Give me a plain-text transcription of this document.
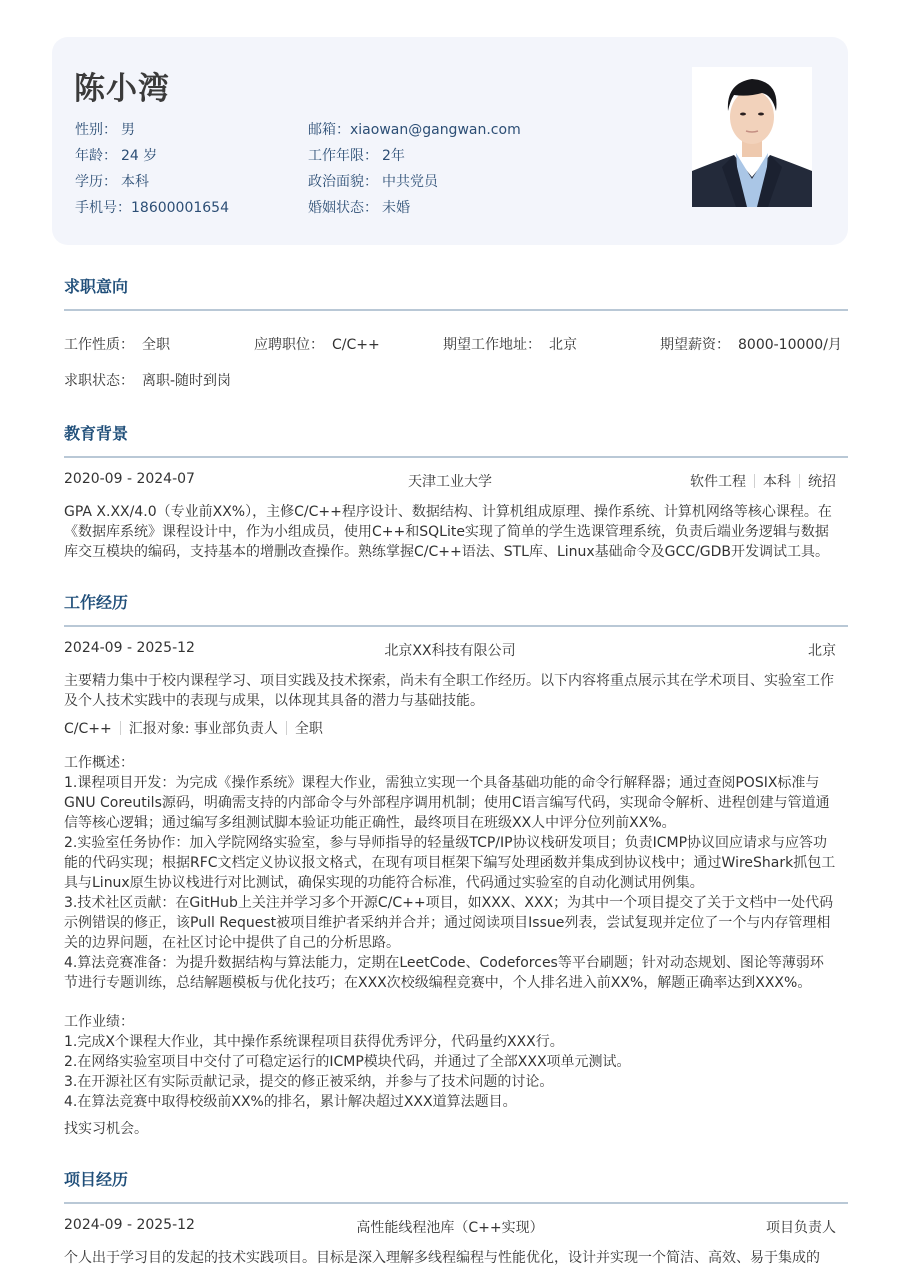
陈小湾
性别： 男
年龄： 24 岁
学历： 本科
手机号：18600001654
邮箱：xiaowan@gangwan.com
工作年限： 2年
政治面貌： 中共党员
婚姻状态： 未婚
求职意向
工作性质： 全职	应聘职位： C/C++	期望工作地址： 北京	期望薪资： 8000-10000/月
求职状态： 离职-随时到岗
教育背景
2020-09 - 2024-07	天津工业大学	软件工程 本科 统招
GPA X.XX/4.0（专业前XX%），主修C/C++程序设计、数据结构、计算机组成原理、操作系统、计算机网络等核心课程。在《数据库系统》课程设计中，作为小组成员，使用C++和SQLite实现了简单的学生选课管理系统，负责后端业务逻辑与数据库交互模块的编码，支持基本的增删改查操作。熟练掌握C/C++语法、STL库、Linux基础命令及GCC/GDB开发调试工具。
工作经历
2024-09 - 2025-12	北京XX科技有限公司	北京
主要精力集中于校内课程学习、项目实践及技术探索，尚未有全职工作经历。以下内容将重点展示其在学术项目、实验室工作及个人技术实践中的表现与成果，以体现其具备的潜力与基础技能。
C/C++ 汇报对象: 事业部负责人 全职
工作概述：
1.课程项目开发：为完成《操作系统》课程大作业，需独立实现一个具备基础功能的命令行解释器；通过查阅POSIX标准与GNU Coreutils源码，明确需支持的内部命令与外部程序调用机制；使用C语言编写代码，实现命令解析、进程创建与管道通信等核心逻辑；通过编写多组测试脚本验证功能正确性，最终项目在班级XX人中评分位列前XX%。
2.实验室任务协作：加入学院网络实验室，参与导师指导的轻量级TCP/IP协议栈研发项目；负责ICMP协议回应请求与应答功能的代码实现；根据RFC文档定义协议报文格式，在现有项目框架下编写处理函数并集成到协议栈中；通过WireShark抓包工具与Linux原生协议栈进行对比测试，确保实现的功能符合标准，代码通过实验室的自动化测试用例集。
3.技术社区贡献：在GitHub上关注并学习多个开源C/C++项目，如XXX、XXX；为其中一个项目提交了关于文档中一处代码示例错误的修正，该Pull Request被项目维护者采纳并合并；通过阅读项目Issue列表，尝试复现并定位了一个与内存管理相关的边界问题，在社区讨论中提供了自己的分析思路。
4.算法竞赛准备：为提升数据结构与算法能力，定期在LeetCode、Codeforces等平台刷题；针对动态规划、图论等薄弱环节进行专题训练，总结解题模板与优化技巧；在XXX次校级编程竞赛中，个人排名进入前XX%，解题正确率达到XXX%。
工作业绩：
1.完成X个课程大作业，其中操作系统课程项目获得优秀评分，代码量约XXX行。
2.在网络实验室项目中交付了可稳定运行的ICMP模块代码，并通过了全部XXX项单元测试。
3.在开源社区有实际贡献记录，提交的修正被采纳，并参与了技术问题的讨论。
4.在算法竞赛中取得校级前XX%的排名，累计解决超过XXX道算法题目。
找实习机会。
项目经历
2024-09 - 2025-12	高性能线程池库（C++实现）	项目负责人
个人出于学习目的发起的技术实践项目。目标是深入理解多线程编程与性能优化，设计并实现一个简洁、高效、易于集成的
